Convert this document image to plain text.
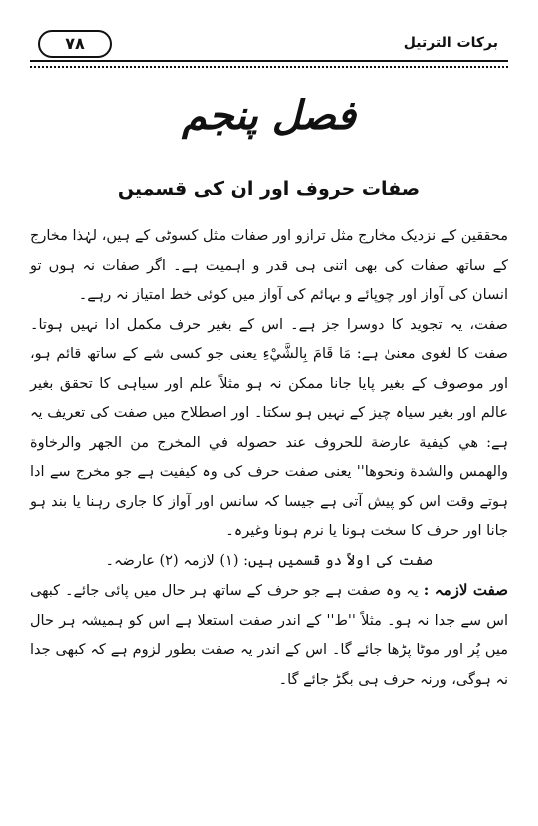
برکات الترتیل
۷۸
فصل پنجم
صفات حروف اور ان کی قسمیں

محققین کے نزدیک مخارج مثل ترازو اور صفات مثل کسوٹی کے ہیں، لہٰذا مخارج کے ساتھ صفات کی بھی اتنی ہی قدر و اہمیت ہے۔ اگر صفات نہ ہوں تو انسان کی آواز اور چوپائے و بہائم کی آواز میں کوئی خط امتیاز نہ رہے۔

صفت، یہ تجوید کا دوسرا جز ہے۔ اس کے بغیر حرف مکمل ادا نہیں ہوتا۔ صفت کا لغوی معنیٰ ہے: مَا قَامَ بِالشَّيْءِ یعنی جو کسی شے کے ساتھ قائم ہو، اور موصوف کے بغیر پایا جانا ممکن نہ ہو مثلاً علم اور سیاہی کا تحقق بغیر عالم اور بغیر سیاہ چیز کے نہیں ہو سکتا۔ اور اصطلاح میں صفت کی تعریف یہ ہے: هي كيفية عارضة للحروف عند حصوله في المخرج من الجهر والرخاوة والهمس والشدة ونحوها'' یعنی صفت حرف کی وہ کیفیت ہے جو مخرج سے ادا ہوتے وقت اس کو پیش آتی ہے جیسا کہ سانس اور آواز کا جاری رہنا یا بند ہو جانا اور حرف کا سخت ہونا یا نرم ہونا وغیرہ۔

صفت کی اولاً دو قسمیں ہیں: (۱) لازمہ (۲) عارضہ۔

صفت لازمہ : یہ وہ صفت ہے جو حرف کے ساتھ ہر حال میں پائی جائے۔ کبھی اس سے جدا نہ ہو۔ مثلاً ''ط'' کے اندر صفت استعلا ہے اس کو ہمیشہ ہر حال میں پُر اور موٹا پڑھا جائے گا۔ اس کے اندر یہ صفت بطور لزوم ہے کہ کبھی جدا نہ ہوگی، ورنہ حرف ہی بگڑ جائے گا۔
